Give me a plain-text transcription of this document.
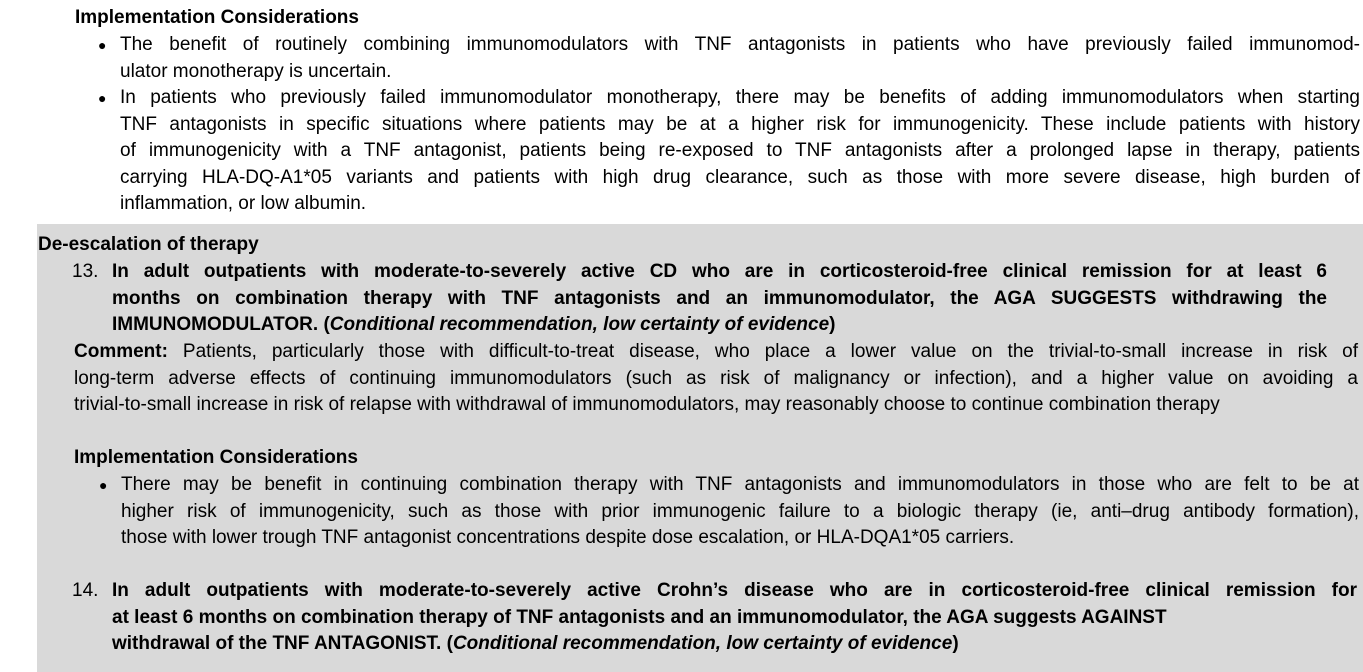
Implementation Considerations
● The benefit of routinely combining immunomodulators with TNF antagonists in patients who have previously failed immunomod-
ulator monotherapy is uncertain.
● In patients who previously failed immunomodulator monotherapy, there may be benefits of adding immunomodulators when starting
TNF antagonists in specific situations where patients may be at a higher risk for immunogenicity. These include patients with history
of immunogenicity with a TNF antagonist, patients being re-exposed to TNF antagonists after a prolonged lapse in therapy, patients
carrying HLA-DQ-A1*05 variants and patients with high drug clearance, such as those with more severe disease, high burden of
inflammation, or low albumin.
De-escalation of therapy
13. In adult outpatients with moderate-to-severely active CD who are in corticosteroid-free clinical remission for at least 6
months on combination therapy with TNF antagonists and an immunomodulator, the AGA SUGGESTS withdrawing the
IMMUNOMODULATOR. (Conditional recommendation, low certainty of evidence)
Comment: Patients, particularly those with difficult-to-treat disease, who place a lower value on the trivial-to-small increase in risk of
long-term adverse effects of continuing immunomodulators (such as risk of malignancy or infection), and a higher value on avoiding a
trivial-to-small increase in risk of relapse with withdrawal of immunomodulators, may reasonably choose to continue combination therapy
Implementation Considerations
● There may be benefit in continuing combination therapy with TNF antagonists and immunomodulators in those who are felt to be at
higher risk of immunogenicity, such as those with prior immunogenic failure to a biologic therapy (ie, anti–drug antibody formation),
those with lower trough TNF antagonist concentrations despite dose escalation, or HLA-DQA1*05 carriers.
14. In adult outpatients with moderate-to-severely active Crohn’s disease who are in corticosteroid-free clinical remission for
at least 6 months on combination therapy of TNF antagonists and an immunomodulator, the AGA suggests AGAINST
withdrawal of the TNF ANTAGONIST. (Conditional recommendation, low certainty of evidence)
